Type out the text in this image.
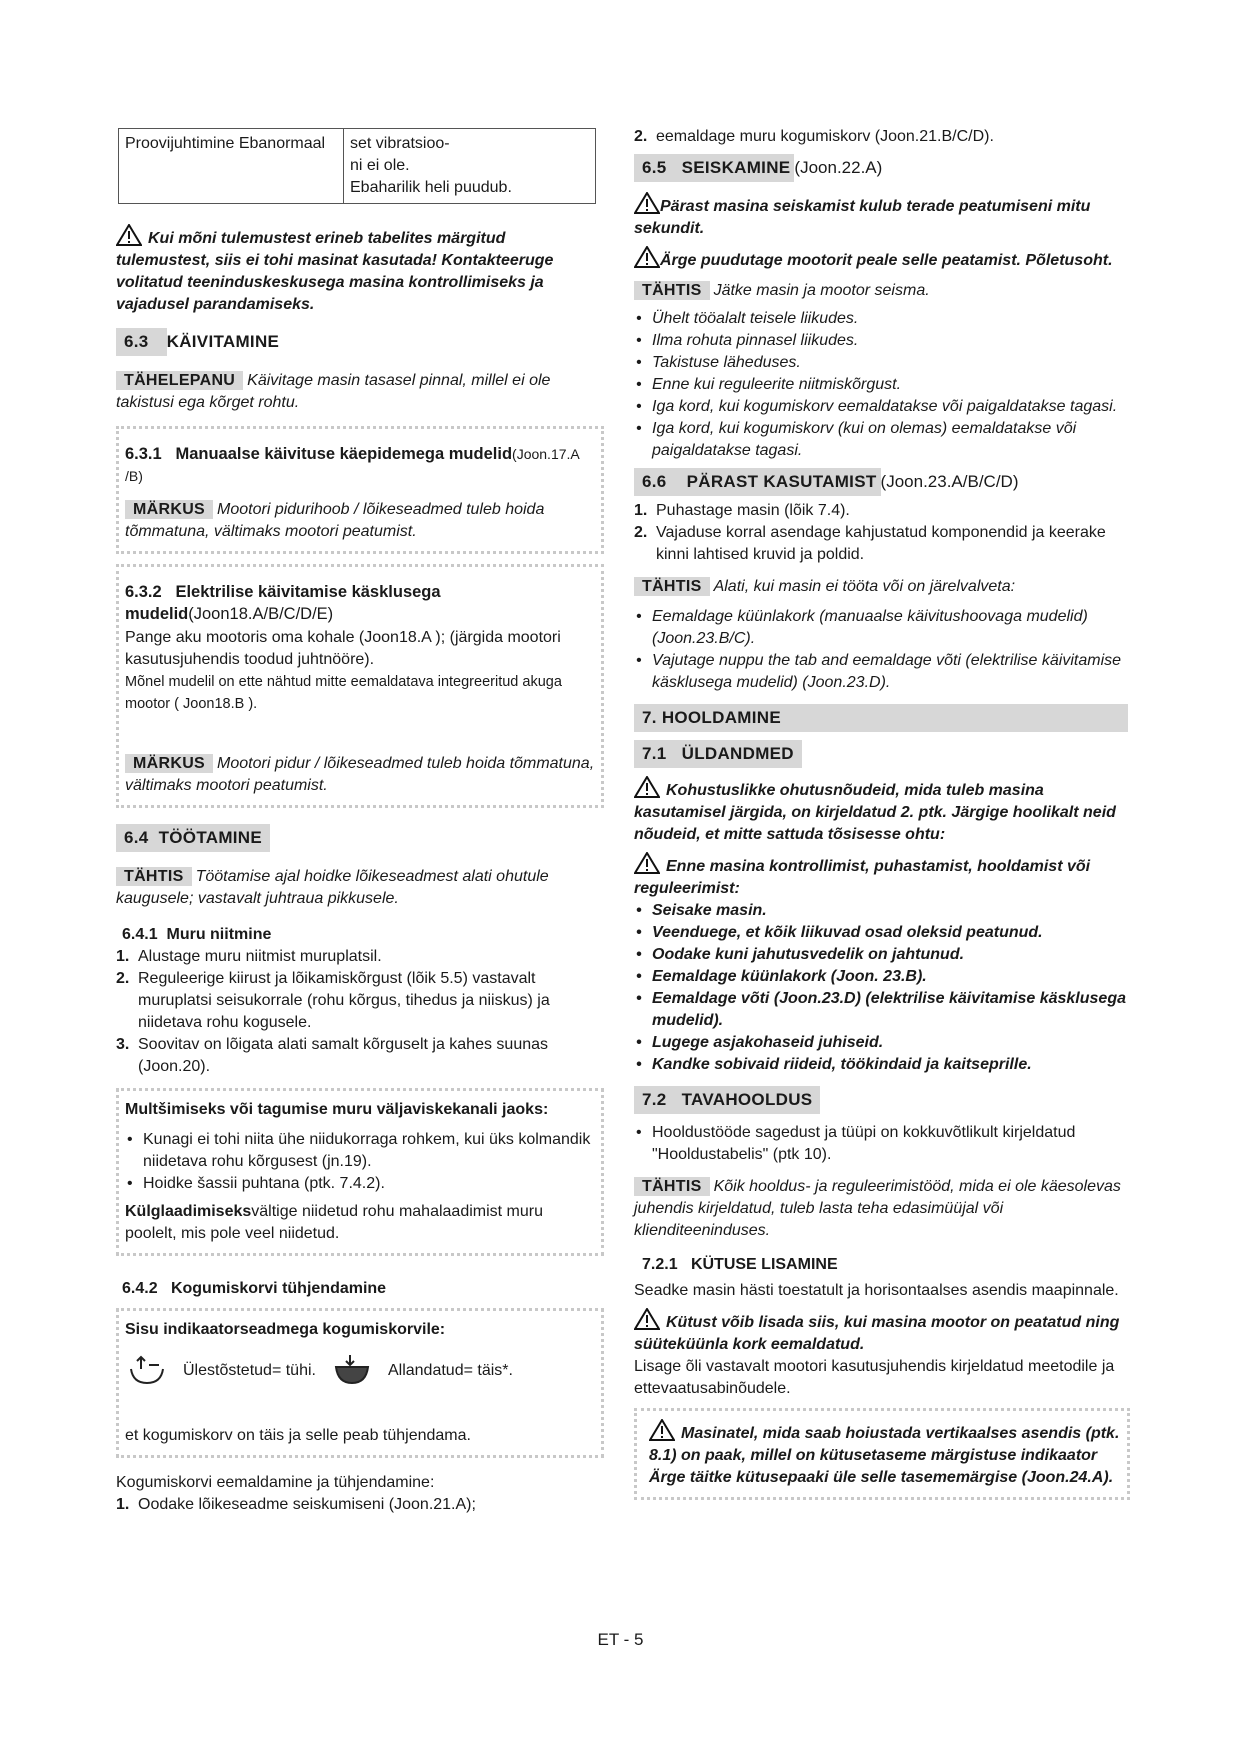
Proovijuhtimine Ebanormaal	set vibratsioo-
ni ei ole.
Ebaharilik heli puudub.

Kui mõni tulemustest erineb tabelites märgitud tulemustest, siis ei tohi masinat kasutada! Kontakteeruge volitatud teeninduskeskusega masina kontrollimiseks ja vajadusel parandamiseks.

6.3 KÄIVITAMINE

TÄHELEPANU Käivitage masin tasasel pinnal, millel ei ole takistusi ega kõrget rohtu.

6.3.1 Manuaalse käivituse käepidemega mudelid(Joon.17.A /B)

MÄRKUS Mootori pidurihoob / lõikeseadmed tuleb hoida tõmmatuna, vältimaks mootori peatumist.

6.3.2 Elektrilise käivitamise käsklusega mudelid(Joon18.A/B/C/D/E)

Pange aku mootoris oma kohale (Joon18.A ); (järgida mootori kasutusjuhendis toodud juhtnööre).

Mõnel mudelil on ette nähtud mitte eemaldatava integreeritud akuga mootor ( Joon18.B ).

MÄRKUS Mootori pidur / lõikeseadmed tuleb hoida tõmmatuna, vältimaks mootori peatumist.

6.4 TÖÖTAMINE

TÄHTIS Töötamise ajal hoidke lõikeseadmest alati ohutule kaugusele; vastavalt juhtraua pikkusele.

6.4.1 Muru niitmine

1. Alustage muru niitmist muruplatsil.
2. Reguleerige kiirust ja lõikamiskõrgust (lõik 5.5) vastavalt muruplatsi seisukorrale (rohu kõrgus, tihedus ja niiskus) ja niidetava rohu kogusele.
3. Soovitav on lõigata alati samalt kõrguselt ja kahes suunas (Joon.20).

Multšimiseks või tagumise muru väljaviskekanali jaoks:

• Kunagi ei tohi niita ühe niidukorraga rohkem, kui üks kolmandik niidetava rohu kõrgusest (jn.19).
• Hoidke šassii puhtana (ptk. 7.4.2).

Külglaadimiseksvältige niidetud rohu mahalaadimist muru poolelt, mis pole veel niidetud.

6.4.2 Kogumiskorvi tühjendamine

Sisu indikaatorseadmega kogumiskorvile:

Ülestõstetud= tühi.	Allandatud= täis*.

et kogumiskorv on täis ja selle peab tühjendama.

Kogumiskorvi eemaldamine ja tühjendamine:

1. Oodake lõikeseadme seiskumiseni (Joon.21.A);
2. eemaldage muru kogumiskorv (Joon.21.B/C/D).
6.5 SEISKAMINE (Joon.22.A)

Pärast masina seiskamist kulub terade peatumiseni mitu sekundit.

Ärge puudutage mootorit peale selle peatamist. Põletusoht.

TÄHTIS Jätke masin ja mootor seisma.

• Ühelt tööalalt teisele liikudes.
• Ilma rohuta pinnasel liikudes.
• Takistuse läheduses.
• Enne kui reguleerite niitmiskõrgust.
• Iga kord, kui kogumiskorv eemaldatakse või paigaldatakse tagasi.
• Iga kord, kui kogumiskorv (kui on olemas) eemaldatakse või paigaldatakse tagasi.
6.6 PÄRAST KASUTAMIST (Joon.23.A/B/C/D)
1. Puhastage masin (lõik 7.4).
2. Vajaduse korral asendage kahjustatud komponendid ja keerake kinni lahtised kruvid ja poldid.

TÄHTIS Alati, kui masin ei tööta või on järelvalveta:

• Eemaldage küünlakork (manuaalse käivitushoovaga mudelid)(Joon.23.B/C).
• Vajutage nuppu the tab and eemaldage võti (elektrilise käivitamise käsklusega mudelid) (Joon.23.D).
7. HOOLDAMINE
7.1 ÜLDANDMED

Kohustuslikke ohutusnõudeid, mida tuleb masina kasutamisel järgida, on kirjeldatud 2. ptk. Järgige hoolikalt neid nõudeid, et mitte sattuda tõsisesse ohtu:

Enne masina kontrollimist, puhastamist, hooldamist või reguleerimist:

• Seisake masin.
• Veenduege, et kõik liikuvad osad oleksid peatunud.
• Oodake kuni jahutusvedelik on jahtunud.
• Eemaldage küünlakork (Joon. 23.B).
• Eemaldage võti (Joon.23.D) (elektrilise käivitamise käsklusega mudelid).
• Lugege asjakohaseid juhiseid.
• Kandke sobivaid riideid, töökindaid ja kaitseprille.
7.2 TAVAHOOLDUS
• Hooldustööde sagedust ja tüüpi on kokkuvõtlikult kirjeldatud "Hooldustabelis" (ptk 10).

TÄHTIS Kõik hooldus- ja reguleerimistööd, mida ei ole käesolevas juhendis kirjeldatud, tuleb lasta teha edasimüüjal või klienditeeninduses.

7.2.1 KÜTUSE LISAMINE

Seadke masin hästi toestatult ja horisontaalses asendis maapinnale.

Kütust võib lisada siis, kui masina mootor on peatatud ning süüteküünla kork eemaldatud.

Lisage õli vastavalt mootori kasutusjuhendis kirjeldatud meetodile ja ettevaatusabinõudele.

Masinatel, mida saab hoiustada vertikaalses asendis (ptk. 8.1) on paak, millel on kütusetaseme märgistuse indikaator Ärge täitke kütusepaaki üle selle tasememärgise (Joon.24.A).

ET - 5
